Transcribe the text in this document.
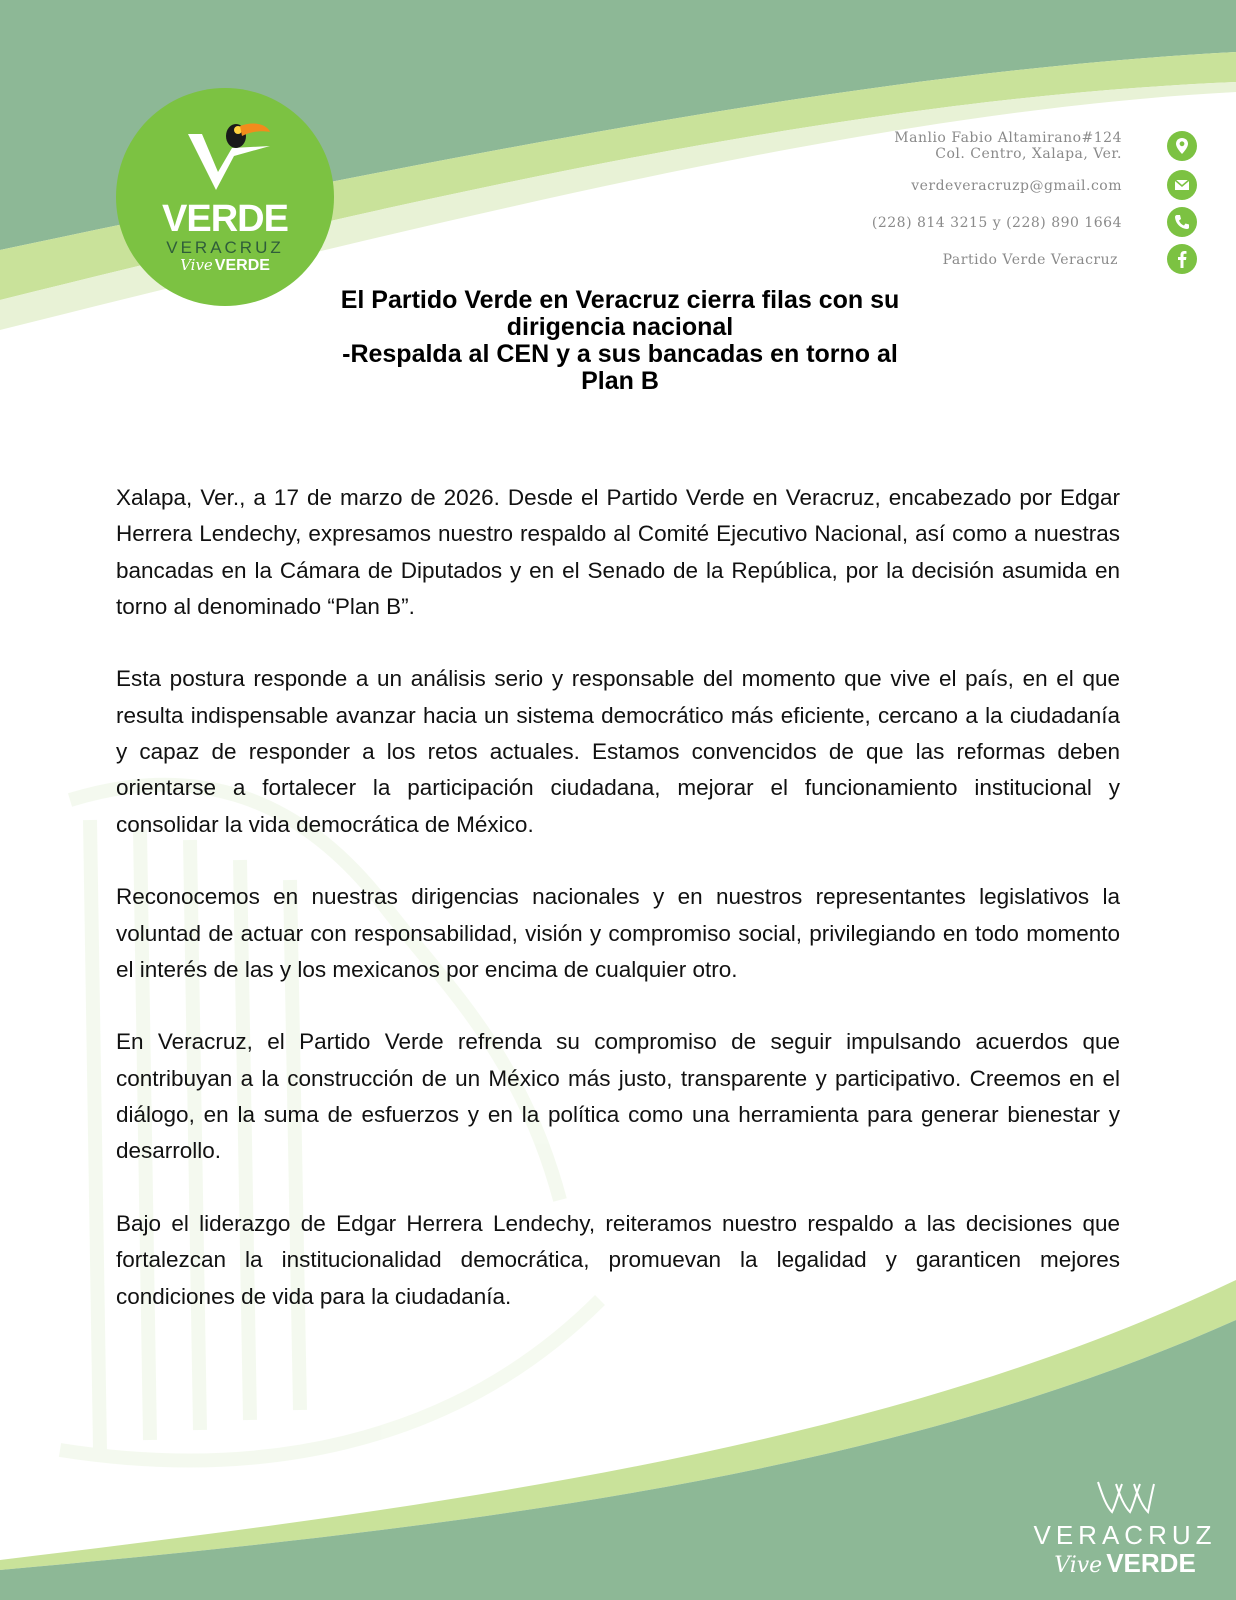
VERDE
VERACRUZ
Vive VERDE
Manlio Fabio Altamirano#124
Col. Centro, Xalapa, Ver.
verdeveracruzp@gmail.com
(228) 814 3215 y (228) 890 1664
Partido Verde Veracruz
El Partido Verde en Veracruz cierra filas con su
dirigencia nacional
-Respalda al CEN y a sus bancadas en torno al
Plan B

Xalapa, Ver., a 17 de marzo de 2026. Desde el Partido Verde en Veracruz, encabezado por Edgar Herrera Lendechy, expresamos nuestro respaldo al Comité Ejecutivo Nacional, así como a nuestras bancadas en la Cámara de Diputados y en el Senado de la República, por la decisión asumida en torno al denominado “Plan B”.

Esta postura responde a un análisis serio y responsable del momento que vive el país, en el que resulta indispensable avanzar hacia un sistema democrático más eficiente, cercano a la ciudadanía y capaz de responder a los retos actuales. Estamos convencidos de que las reformas deben orientarse a fortalecer la participación ciudadana, mejorar el funcionamiento institucional y consolidar la vida democrática de México.

Reconocemos en nuestras dirigencias nacionales y en nuestros representantes legislativos la voluntad de actuar con responsabilidad, visión y compromiso social, privilegiando en todo momento el interés de las y los mexicanos por encima de cualquier otro.

En Veracruz, el Partido Verde refrenda su compromiso de seguir impulsando acuerdos que contribuyan a la construcción de un México más justo, transparente y participativo. Creemos en el diálogo, en la suma de esfuerzos y en la política como una herramienta para generar bienestar y desarrollo.

Bajo el liderazgo de Edgar Herrera Lendechy, reiteramos nuestro respaldo a las decisiones que fortalezcan la institucionalidad democrática, promuevan la legalidad y garanticen mejores condiciones de vida para la ciudadanía.

VERACRUZ
Vive VERDE
